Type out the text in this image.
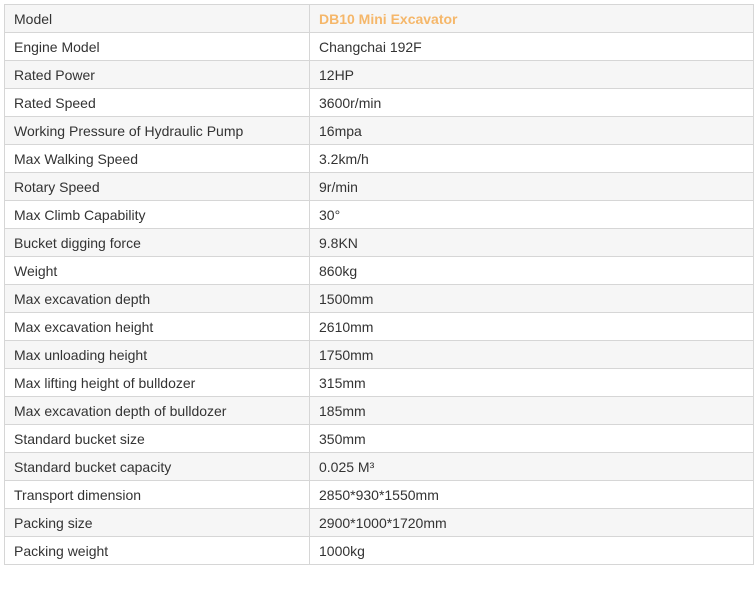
Model	DB10 Mini Excavator
Engine Model	Changchai 192F
Rated Power	12HP
Rated Speed	3600r/min
Working Pressure of Hydraulic Pump	16mpa
Max Walking Speed	3.2km/h
Rotary Speed	9r/min
Max Climb Capability	30°
Bucket digging force	9.8KN
Weight	860kg
Max excavation depth	1500mm
Max excavation height	2610mm
Max unloading height	1750mm
Max lifting height of bulldozer	315mm
Max excavation depth of bulldozer	185mm
Standard bucket size	350mm
Standard bucket capacity	0.025 M³
Transport dimension	2850*930*1550mm
Packing size	2900*1000*1720mm
Packing weight	1000kg
